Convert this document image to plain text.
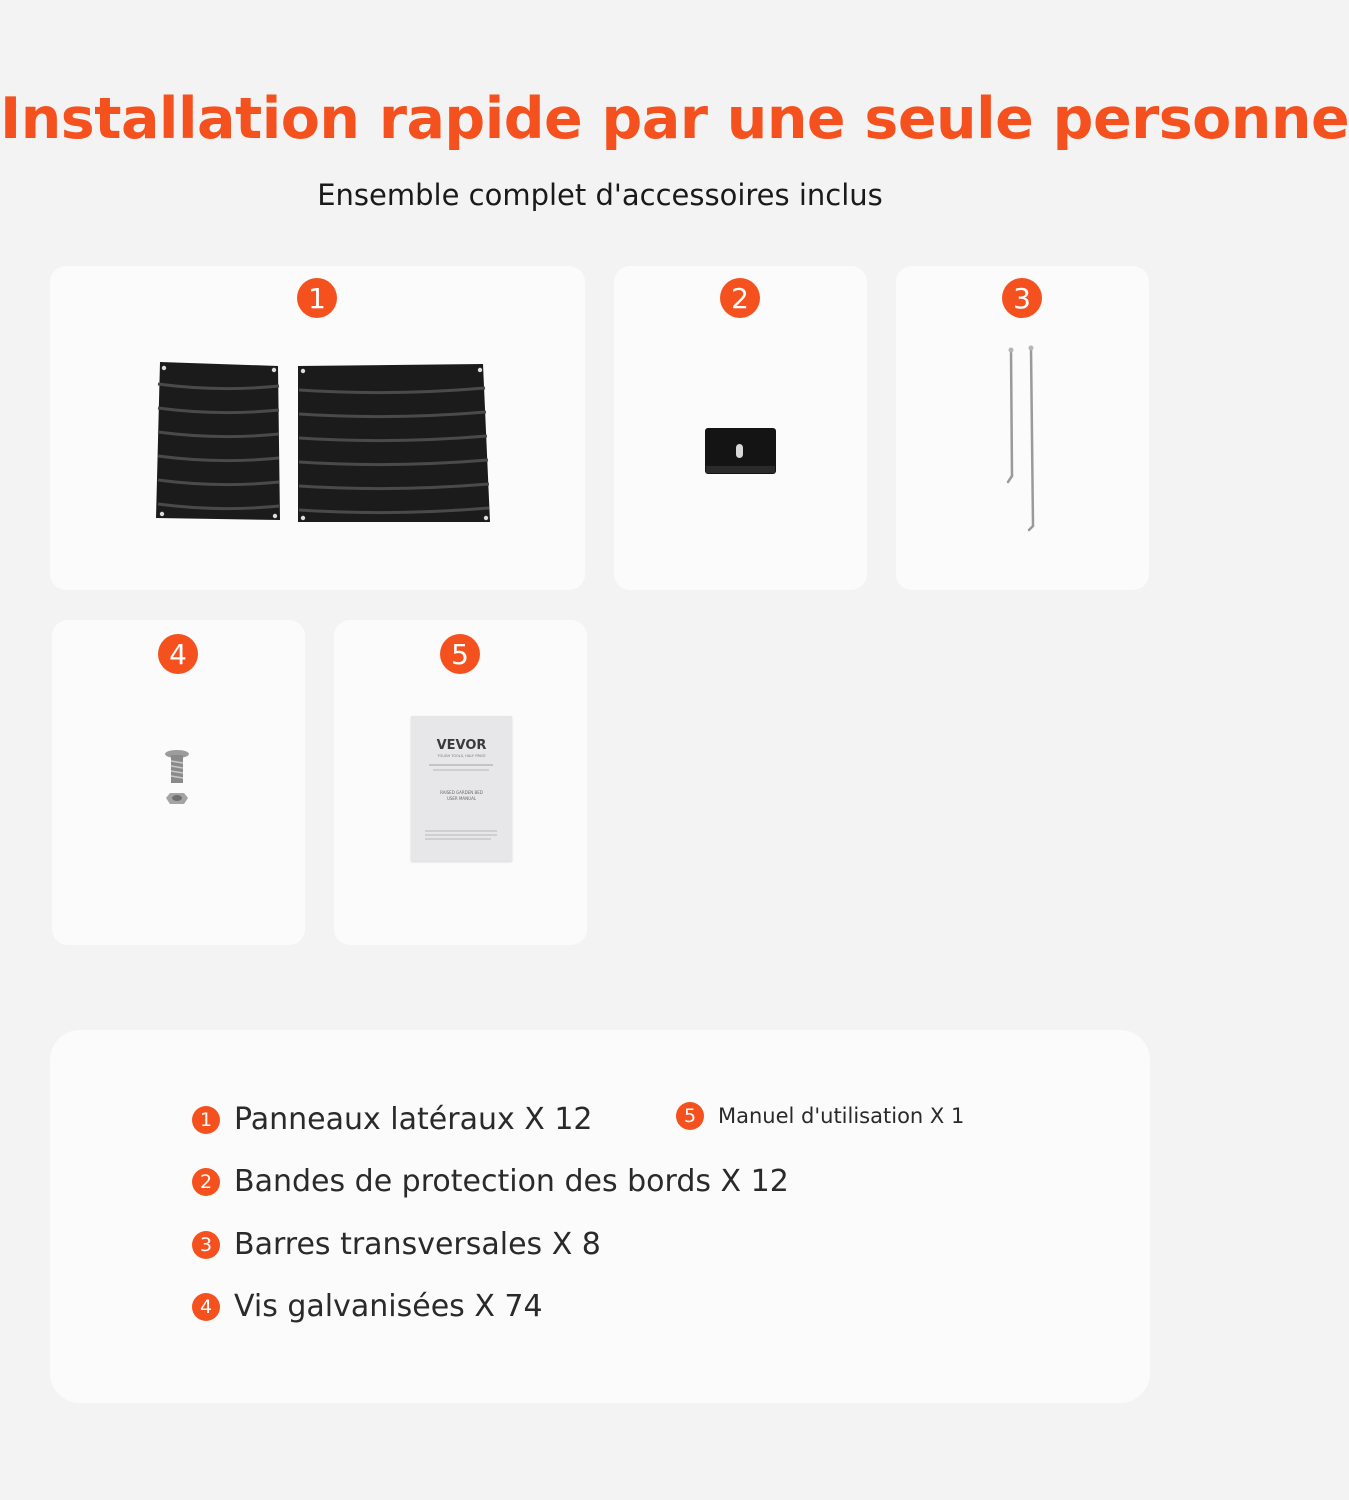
Installation rapide par une seule personne
Ensemble complet d'accessoires inclus
1	2	3
4	5
VEVOR
TOUGH TOOLS, HALF PRICE
RAISED GARDEN BED
USER MANUAL
1 Panneaux latéraux X 12	5	Manuel d'utilisation X 1
2 Bandes de protection des bords X 12
3 Barres transversales X 8
4 Vis galvanisées X 74
